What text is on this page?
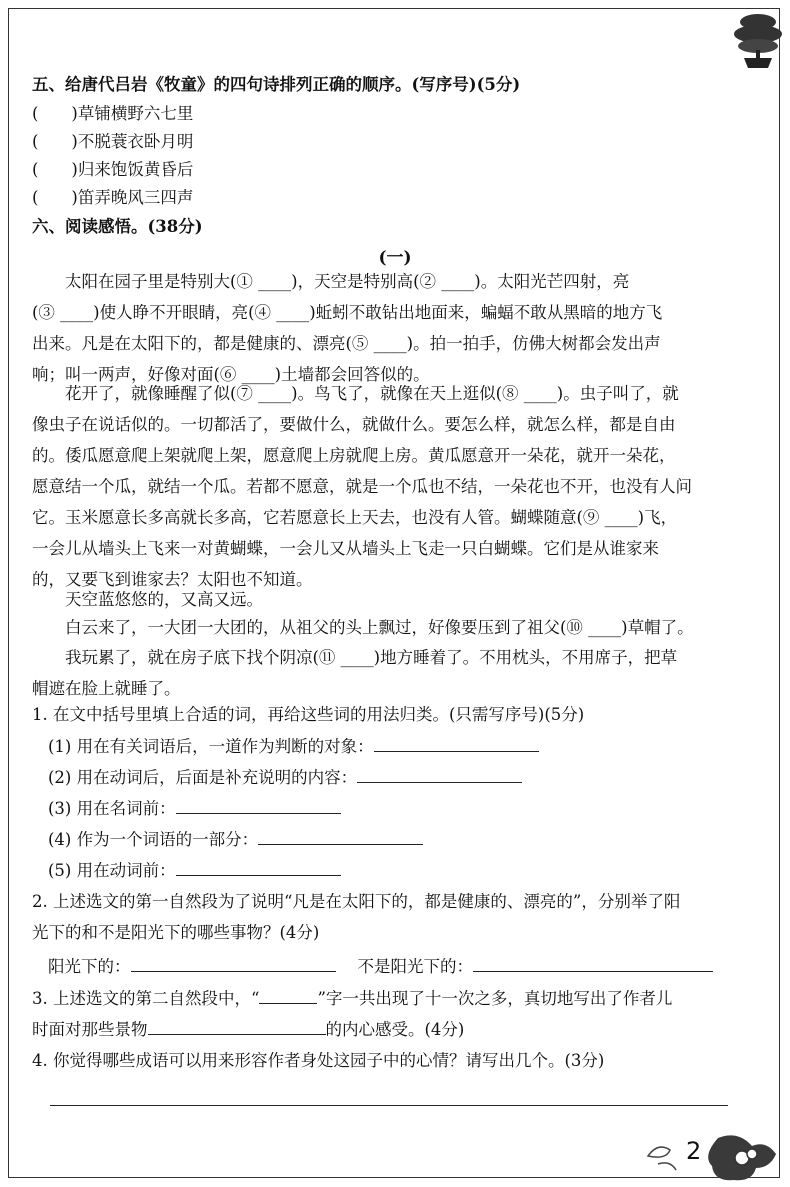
2
五、给唐代吕岩《牧童》的四句诗排列正确的顺序。(写序号)(5分)
(　　)草铺横野六七里
(　　)不脱蓑衣卧月明
(　　)归来饱饭黄昏后
(　　)笛弄晚风三四声
六、阅读感悟。(38分)
(一)
　　太阳在园子里是特别大(① ____)，天空是特别高(② ____)。太阳光芒四射，亮
(③ ____)使人睁不开眼睛，亮(④ ____)蚯蚓不敢钻出地面来，蝙蝠不敢从黑暗的地方飞
出来。凡是在太阳下的，都是健康的、漂亮(⑤ ____)。拍一拍手，仿佛大树都会发出声
响；叫一两声，好像对面(⑥ ____)土墙都会回答似的。
　　花开了，就像睡醒了似(⑦ ____)。鸟飞了，就像在天上逛似(⑧ ____)。虫子叫了，就
像虫子在说话似的。一切都活了，要做什么，就做什么。要怎么样，就怎么样，都是自由
的。倭瓜愿意爬上架就爬上架，愿意爬上房就爬上房。黄瓜愿意开一朵花，就开一朵花，
愿意结一个瓜，就结一个瓜。若都不愿意，就是一个瓜也不结，一朵花也不开，也没有人问
它。玉米愿意长多高就长多高，它若愿意长上天去，也没有人管。蝴蝶随意(⑨ ____)飞，
一会儿从墙头上飞来一对黄蝴蝶，一会儿又从墙头上飞走一只白蝴蝶。它们是从谁家来
的，又要飞到谁家去？太阳也不知道。
　　天空蓝悠悠的，又高又远。
　　白云来了，一大团一大团的，从祖父的头上飘过，好像要压到了祖父(⑩ ____)草帽了。
　　我玩累了，就在房子底下找个阴凉(⑪ ____)地方睡着了。不用枕头，不用席子，把草
帽遮在脸上就睡了。
1. 在文中括号里填上合适的词，再给这些词的用法归类。(只需写序号)(5分)
(1) 用在有关词语后，一道作为判断的对象：
(2) 用在动词后，后面是补充说明的内容：
(3) 用在名词前：
(4) 作为一个词语的一部分：
(5) 用在动词前：
2. 上述选文的第一自然段为了说明“凡是在太阳下的，都是健康的、漂亮的”，分别举了阳
光下的和不是阳光下的哪些事物？(4分)
阳光下的：	不是阳光下的：
3. 上述选文的第二自然段中，“	”字一共出现了十一次之多，真切地写出了作者儿
时面对那些景物	的内心感受。(4分)
4. 你觉得哪些成语可以用来形容作者身处这园子中的心情？请写出几个。(3分)
